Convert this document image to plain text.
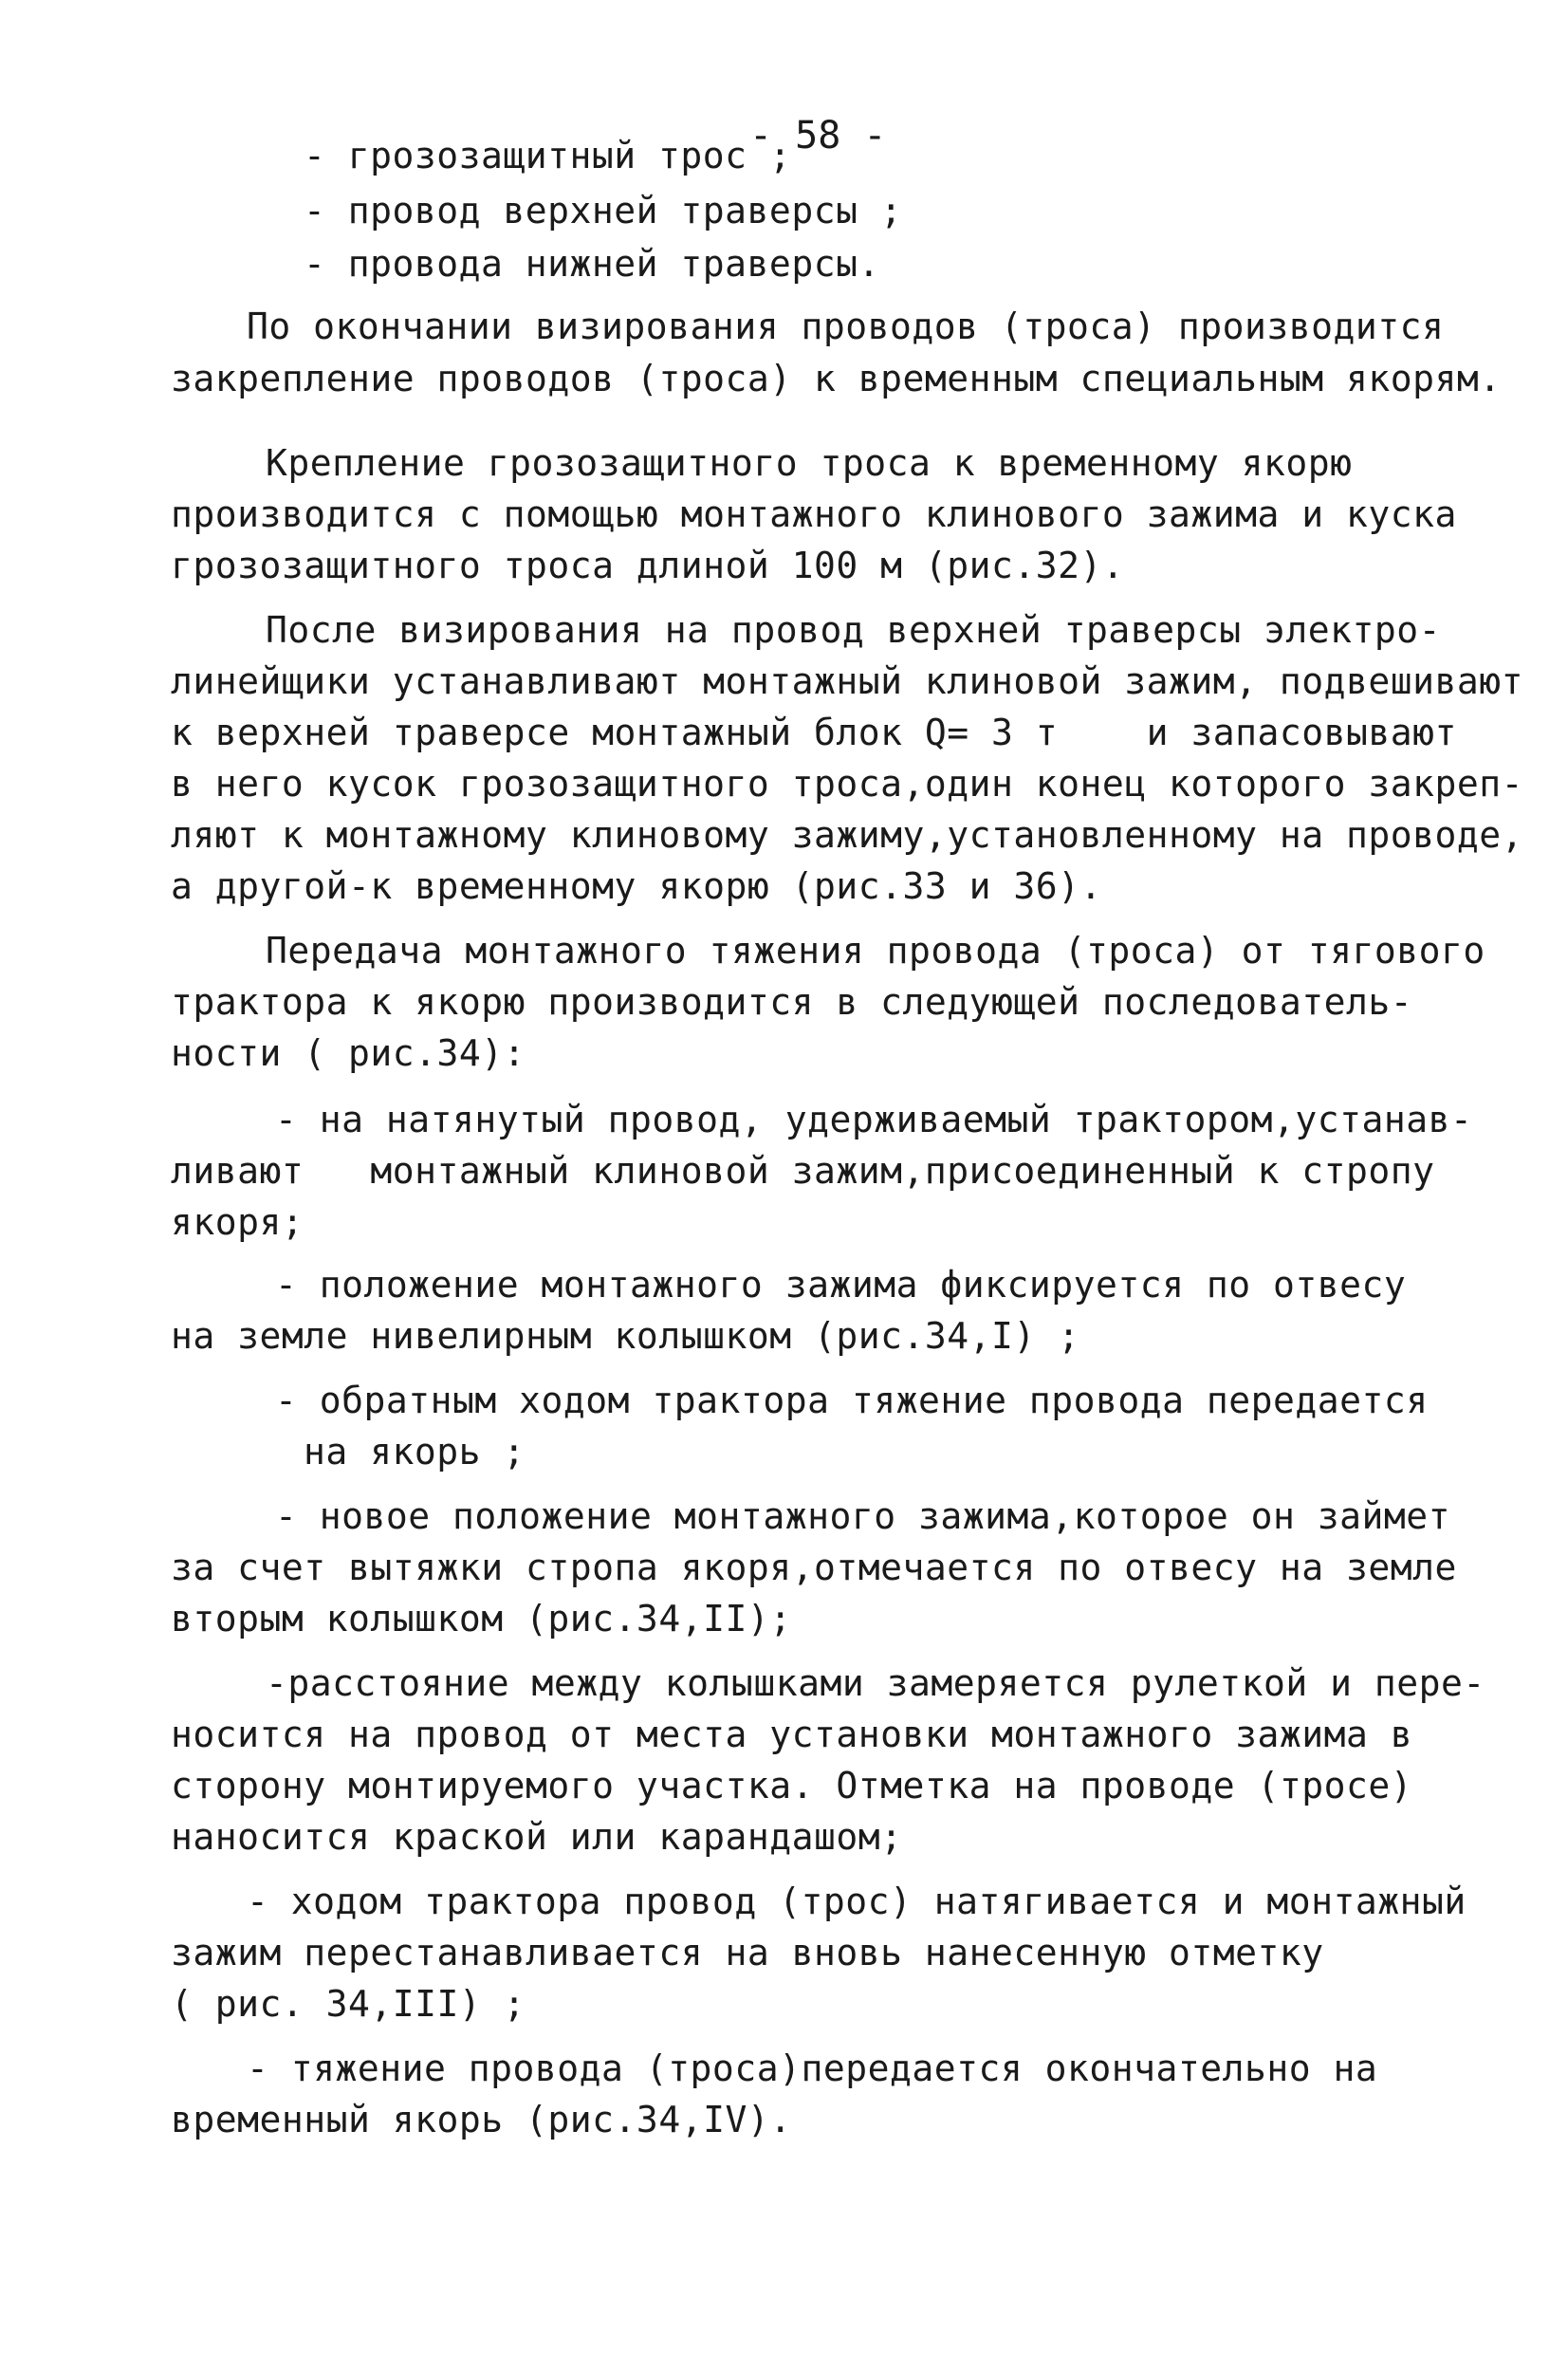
- 58 -
- грозозащитный трос ;
- провод верхней траверсы ;
- провода нижней траверсы.
По окончании визирования проводов (троса) производится
закрепление проводов (троса) к временным специальным якорям.
Крепление грозозащитного троса к временному якорю
производится с помощью монтажного клинового зажима и куска
грозозащитного троса длиной 100 м (рис.32).
После визирования на провод верхней траверсы электро-
линейщики устанавливают монтажный клиновой зажим, подвешивают
к верхней траверсе монтажный блок Q= 3 т    и запасовывают
в него кусок грозозащитного троса,один конец которого закреп-
ляют к монтажному клиновому зажиму,установленному на проводе,
а другой-к временному якорю (рис.33 и 36).
Передача монтажного тяжения провода (троса) от тягового
трактора к якорю производится в следующей последователь-
ности ( рис.34):
- на натянутый провод, удерживаемый трактором,устанав-
ливают   монтажный клиновой зажим,присоединенный к стропу
якоря;
- положение монтажного зажима фиксируется по отвесу
на земле нивелирным колышком (рис.34,I) ;
- обратным ходом трактора тяжение провода передается
на якорь ;
- новое положение монтажного зажима,которое он займет
за счет вытяжки стропа якоря,отмечается по отвесу на земле
вторым колышком (рис.34,II);
-расстояние между колышками замеряется рулеткой и пере-
носится на провод от места установки монтажного зажима в
сторону монтируемого участка. Отметка на проводе (тросе)
наносится краской или карандашом;
- ходом трактора провод (трос) натягивается и монтажный
зажим перестанавливается на вновь нанесенную отметку
( рис. 34,III) ;
- тяжение провода (троса)передается окончательно на
временный якорь (рис.34,IV).
